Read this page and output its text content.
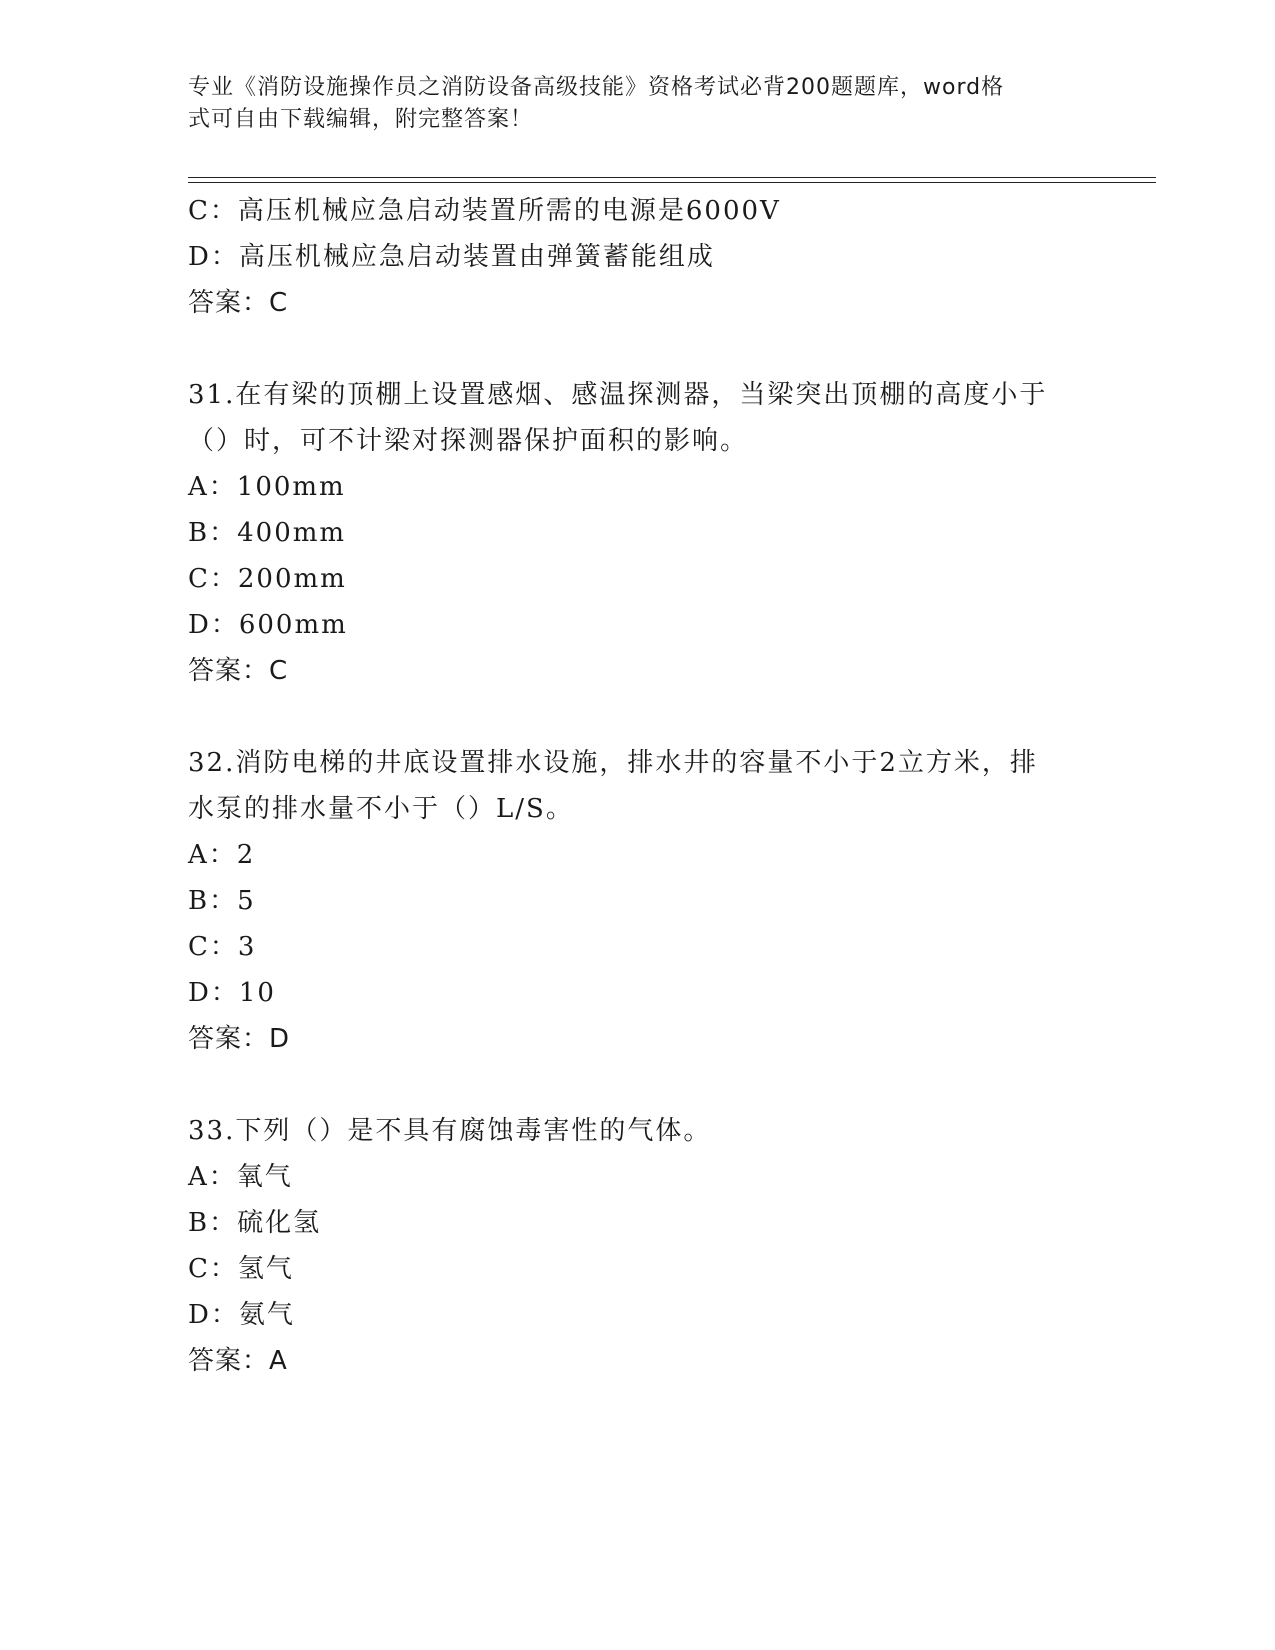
专业《消防设施操作员之消防设备高级技能》资格考试必背200题题库，word格
式可自由下载编辑，附完整答案！
C：高压机械应急启动装置所需的电源是6000V
D：高压机械应急启动装置由弹簧蓄能组成
答案：C
31.在有梁的顶棚上设置感烟、感温探测器，当梁突出顶棚的高度小于
（）时，可不计梁对探测器保护面积的影响。
A：100mm
B：400mm
C：200mm
D：600mm
答案：C
32.消防电梯的井底设置排水设施，排水井的容量不小于2立方米，排
水泵的排水量不小于（）L/S。
A：2
B：5
C：3
D：10
答案：D
33.下列（）是不具有腐蚀毒害性的气体。
A：氧气
B：硫化氢
C：氢气
D：氨气
答案：A
